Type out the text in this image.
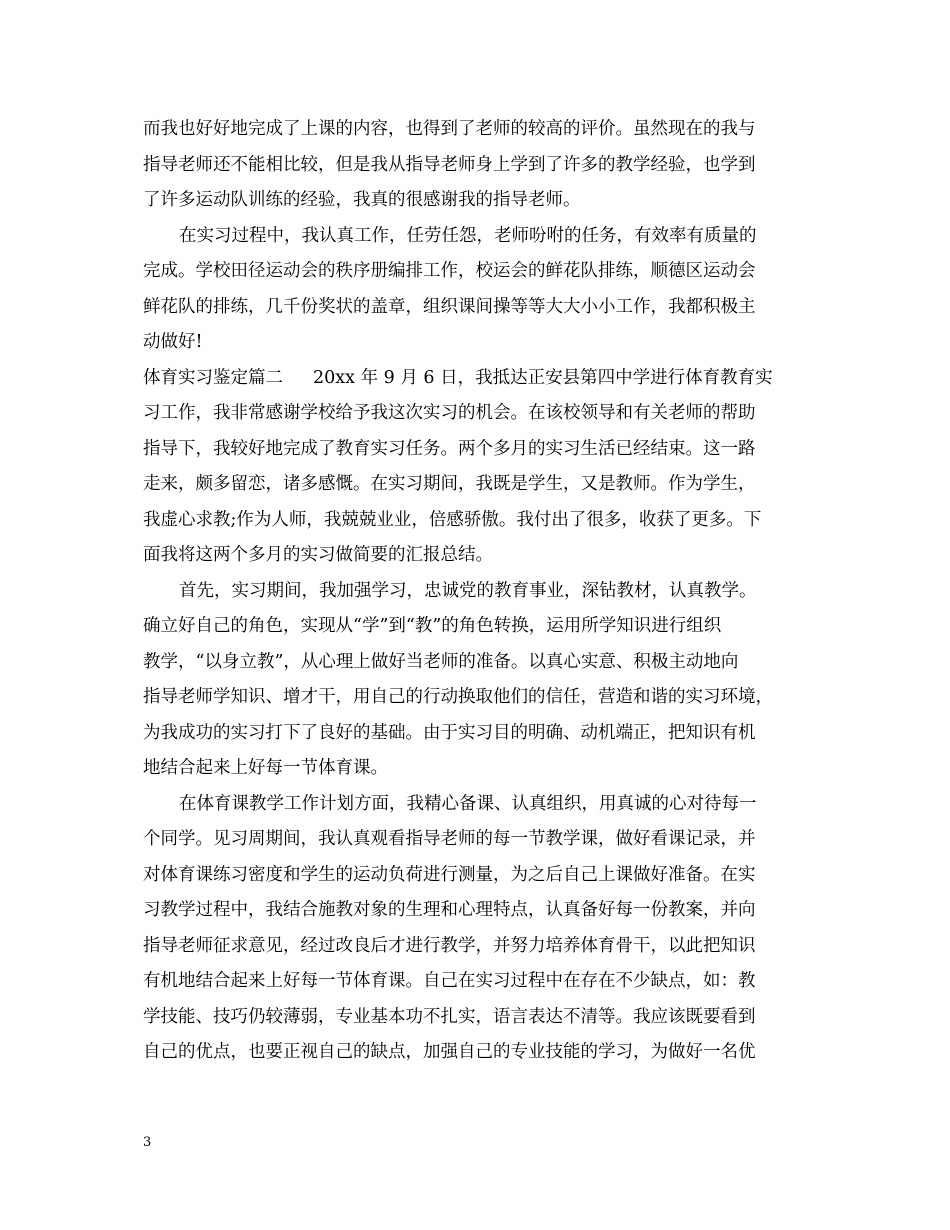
而我也好好地完成了上课的内容，也得到了老师的较高的评价。虽然现在的我与
指导老师还不能相比较，但是我从指导老师身上学到了许多的教学经验，也学到
了许多运动队训练的经验，我真的很感谢我的指导老师。
在实习过程中，我认真工作，任劳任怨，老师吩咐的任务，有效率有质量的
完成。学校田径运动会的秩序册编排工作，校运会的鲜花队排练，顺德区运动会
鲜花队的排练，几千份奖状的盖章，组织课间操等等大大小小工作，我都积极主
动做好!
体育实习鉴定篇二 20xx 年 9 月 6 日，我抵达正安县第四中学进行体育教育实
习工作，我非常感谢学校给予我这次实习的机会。在该校领导和有关老师的帮助
指导下，我较好地完成了教育实习任务。两个多月的实习生活已经结束。这一路
走来，颇多留恋，诸多感慨。在实习期间，我既是学生，又是教师。作为学生，
我虚心求教;作为人师，我兢兢业业，倍感骄傲。我付出了很多，收获了更多。下
面我将这两个多月的实习做简要的汇报总结。
首先，实习期间，我加强学习，忠诚党的教育事业，深钻教材，认真教学。
确立好自己的角色，实现从“学”到“教”的角色转换，运用所学知识进行组织
教学，“以身立教”，从心理上做好当老师的准备。以真心实意、积极主动地向
指导老师学知识、增才干，用自己的行动换取他们的信任，营造和谐的实习环境，
为我成功的实习打下了良好的基础。由于实习目的明确、动机端正，把知识有机
地结合起来上好每一节体育课。
在体育课教学工作计划方面，我精心备课、认真组织，用真诚的心对待每一
个同学。见习周期间，我认真观看指导老师的每一节教学课，做好看课记录，并
对体育课练习密度和学生的运动负荷进行测量，为之后自己上课做好准备。在实
习教学过程中，我结合施教对象的生理和心理特点，认真备好每一份教案，并向
指导老师征求意见，经过改良后才进行教学，并努力培养体育骨干，以此把知识
有机地结合起来上好每一节体育课。自己在实习过程中在存在不少缺点，如：教
学技能、技巧仍较薄弱，专业基本功不扎实，语言表达不清等。我应该既要看到
自己的优点，也要正视自己的缺点，加强自己的专业技能的学习，为做好一名优
3
